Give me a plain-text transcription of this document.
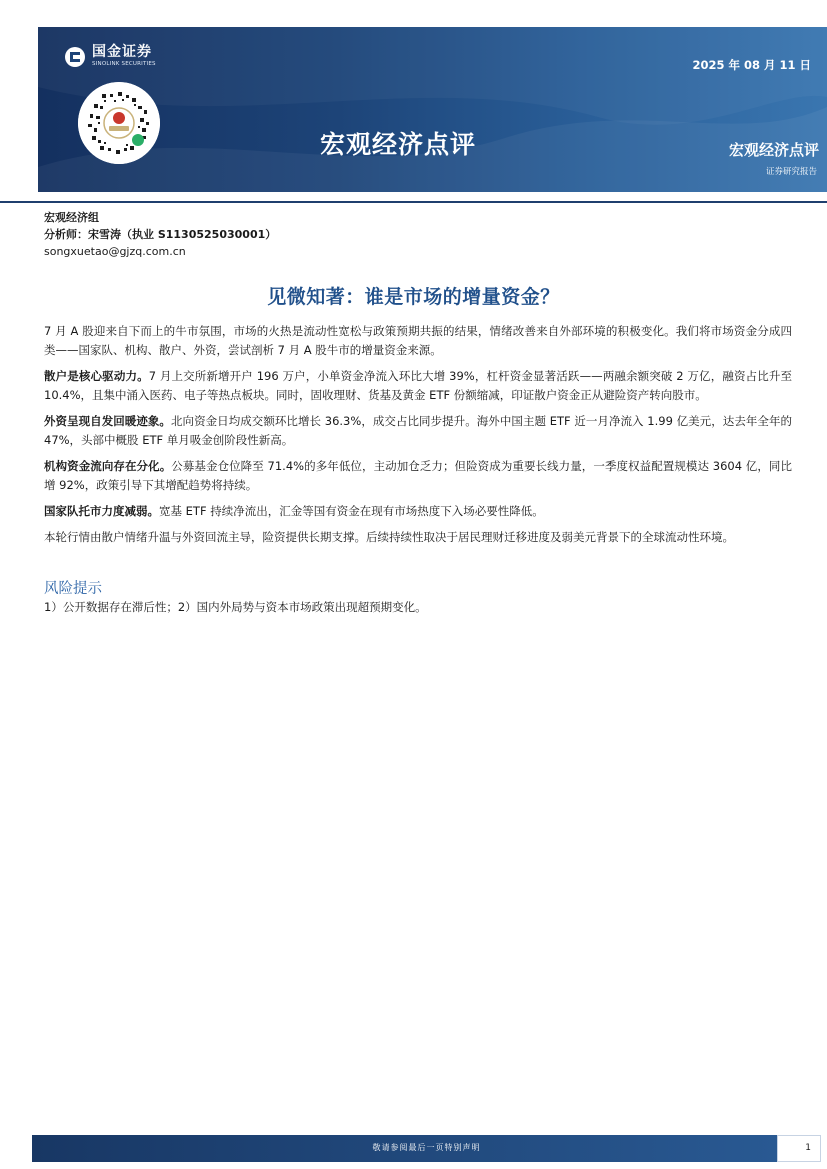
国金证券
SINOLINK SECURITIES	2025 年 08 月 11 日
宏观经济点评	宏观经济点评
证券研究报告
宏观经济组
分析师：宋雪涛（执业 S1130525030001）
songxuetao@gjzq.com.cn
见微知著：谁是市场的增量资金？

7 月 A 股迎来自下而上的牛市氛围，市场的火热是流动性宽松与政策预期共振的结果，情绪改善来自外部环境的积极变化。我们将市场资金分成四类——国家队、机构、散户、外资，尝试剖析 7 月 A 股牛市的增量资金来源。

散户是核心驱动力。7 月上交所新增开户 196 万户，小单资金净流入环比大增 39%，杠杆资金显著活跃——两融余额突破 2 万亿，融资占比升至 10.4%，且集中涌入医药、电子等热点板块。同时，固收理财、货基及黄金 ETF 份额缩减，印证散户资金正从避险资产转向股市。

外资呈现自发回暖迹象。北向资金日均成交额环比增长 36.3%，成交占比同步提升。海外中国主题 ETF 近一月净流入 1.99 亿美元，达去年全年的 47%，头部中概股 ETF 单月吸金创阶段性新高。

机构资金流向存在分化。公募基金仓位降至 71.4%的多年低位，主动加仓乏力；但险资成为重要长线力量，一季度权益配置规模达 3604 亿，同比增 92%，政策引导下其增配趋势将持续。

国家队托市力度减弱。宽基 ETF 持续净流出，汇金等国有资金在现有市场热度下入场必要性降低。

本轮行情由散户情绪升温与外资回流主导，险资提供长期支撑。后续持续性取决于居民理财迁移进度及弱美元背景下的全球流动性环境。

风险提示
1）公开数据存在滞后性；2）国内外局势与资本市场政策出现超预期变化。
敬请参阅最后一页特别声明	1
